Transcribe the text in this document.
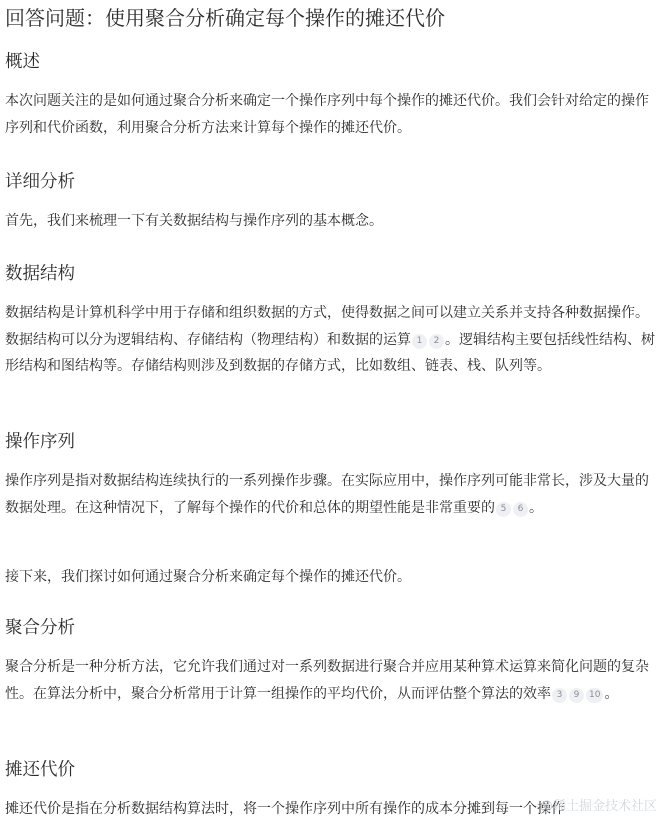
回答问题：使用聚合分析确定每个操作的摊还代价
概述

本次问题关注的是如何通过聚合分析来确定一个操作序列中每个操作的摊还代价。我们会针对给定的操作序列和代价函数，利用聚合分析方法来计算每个操作的摊还代价。

详细分析

首先，我们来梳理一下有关数据结构与操作序列的基本概念。

数据结构

数据结构是计算机科学中用于存储和组织数据的方式，使得数据之间可以建立关系并支持各种数据操作。数据结构可以分为逻辑结构、存储结构（物理结构）和数据的运算 1 2 。逻辑结构主要包括线性结构、树形结构和图结构等。存储结构则涉及到数据的存储方式，比如数组、链表、栈、队列等。

操作序列

操作序列是指对数据结构连续执行的一系列操作步骤。在实际应用中，操作序列可能非常长，涉及大量的数据处理。在这种情况下，了解每个操作的代价和总体的期望性能是非常重要的 5 6 。

接下来，我们探讨如何通过聚合分析来确定每个操作的摊还代价。

聚合分析

聚合分析是一种分析方法，它允许我们通过对一系列数据进行聚合并应用某种算术运算来简化问题的复杂性。在算法分析中，聚合分析常用于计算一组操作的平均代价，从而评估整个算法的效率 3 9 10 。

摊还代价

摊还代价是指在分析数据结构算法时，将一个操作序列中所有操作的成本分摊到每一个操作

@稀土掘金技术社区
